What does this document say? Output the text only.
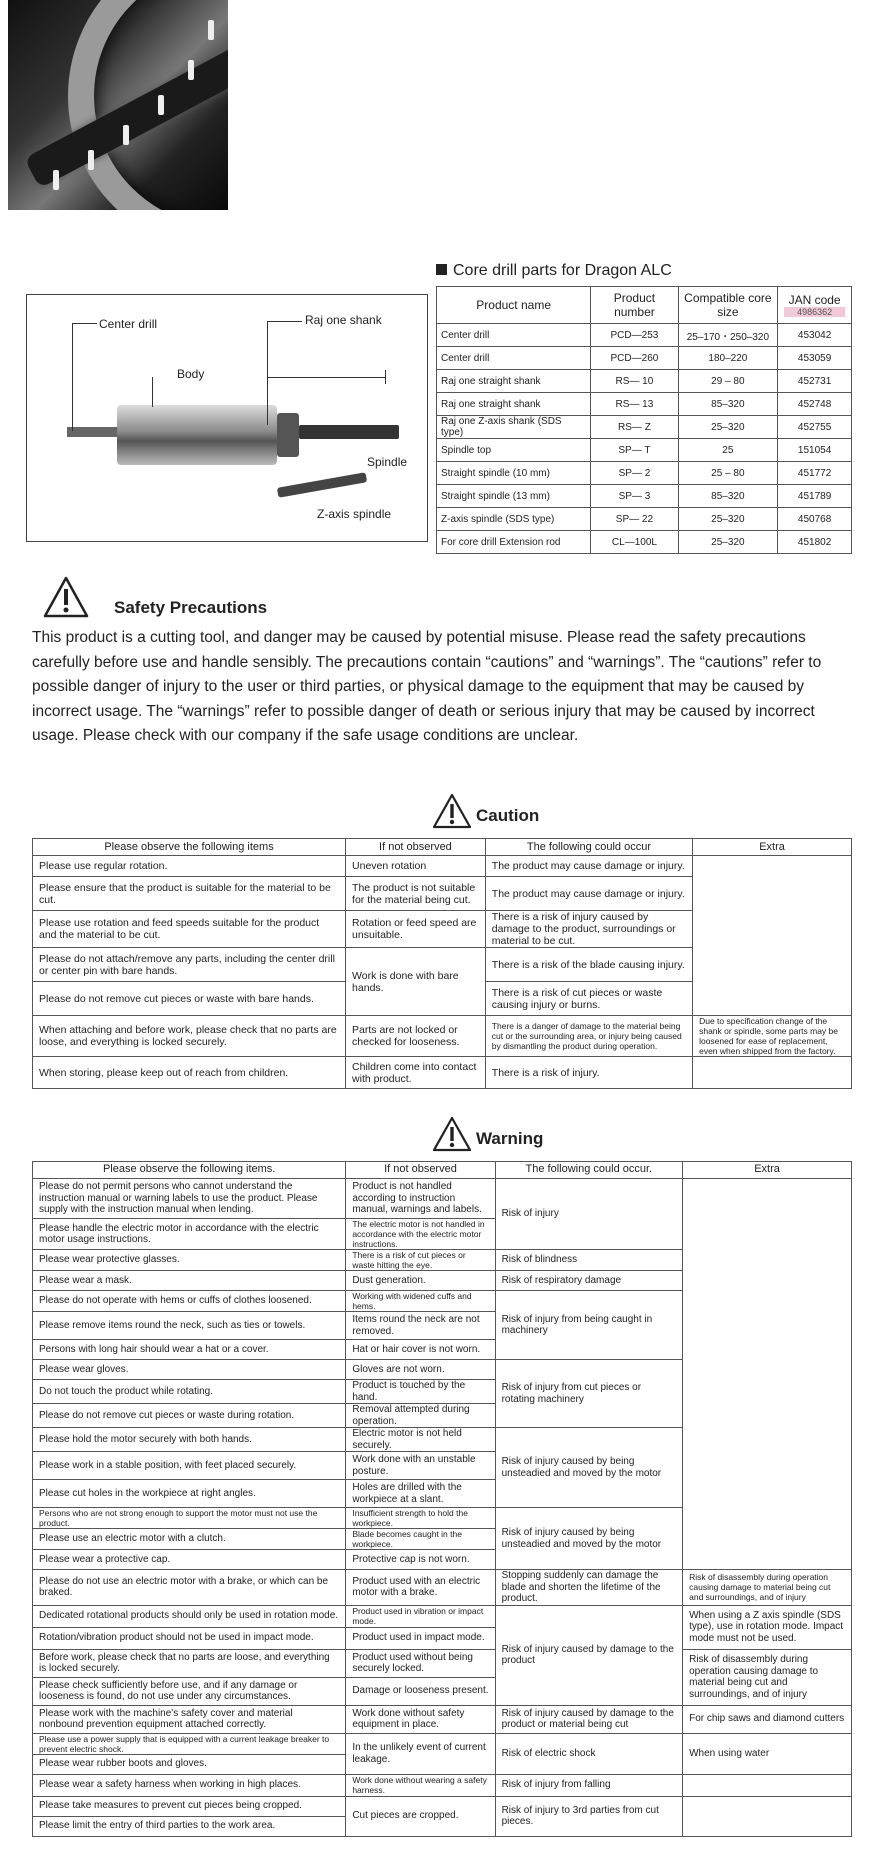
Center drill
Body
Raj one shank
Spindle
Z-axis spindle
Core drill parts for Dragon ALC
Product name	Product number	Compatible core size	JAN code
4986362

Center drill	PCD—253	25–170・250–320	453042
Center drill	PCD—260	180–220	453059
Raj one straight shank	RS— 10	29 – 80	452731
Raj one straight shank	RS— 13	85–320	452748
Raj one Z-axis shank (SDS type)	RS— Z	25–320	452755
Spindle top	SP— T	25	151054
Straight spindle (10 mm)	SP— 2	25 – 80	451772
Straight spindle (13 mm)	SP— 3	85–320	451789
Z-axis spindle (SDS type)	SP— 22	25–320	450768
For core drill Extension rod	CL—100L	25–320	451802
Safety Precautions
This product is a cutting tool, and danger may be caused by potential misuse. Please read the safety precautions carefully before use and handle sensibly. The precautions contain “cautions” and “warnings”. The “cautions” refer to possible danger of injury to the user or third parties, or physical damage to the equipment that may be caused by incorrect usage. The “warnings” refer to possible danger of death or serious injury that may be caused by incorrect usage. Please check with our company if the safe usage conditions are unclear.
Caution
Please observe the following items	If not observed	The following could occur	Extra
Please use regular rotation.	Uneven rotation	The product may cause damage or injury.	
Please ensure that the product is suitable for the material to be cut.	The product is not suitable for the material being cut.	The product may cause damage or injury.	
Please use rotation and feed speeds suitable for the product and the material to be cut.	Rotation or feed speed are unsuitable.	There is a risk of injury caused by damage to the product, surroundings or material to be cut.	
Please do not attach/remove any parts, including the center drill or center pin with bare hands.	Work is done with bare hands.	There is a risk of the blade causing injury.	
Please do not remove cut pieces or waste with bare hands.		There is a risk of cut pieces or waste causing injury or burns.	
When attaching and before work, please check that no parts are loose, and everything is locked securely.	Parts are not locked or checked for looseness.	There is a danger of damage to the material being cut or the surrounding area, or injury being caused by dismantling the product during operation.	Due to specification change of the shank or spindle, some parts may be loosened for ease of replacement, even when shipped from the factory.
When storing, please keep out of reach from children.	Children come into contact with product.	There is a risk of injury.	
Warning
Please observe the following items.	If not observed	The following could occur.	Extra
Please do not permit persons who cannot understand the instruction manual or warning labels to use the product. Please supply with the instruction manual when lending.	Product is not handled according to instruction manual, warnings and labels.	Risk of injury	
Please handle the electric motor in accordance with the electric motor usage instructions.	The electric motor is not handled in accordance with the electric motor instructions.		
Please wear protective glasses.	There is a risk of cut pieces or waste hitting the eye.	Risk of blindness	
Please wear a mask.	Dust generation.	Risk of respiratory damage	
Please do not operate with hems or cuffs of clothes loosened.	Working with widened cuffs and hems.	Risk of injury from being caught in machinery	
Please remove items round the neck, such as ties or towels.	Items round the neck are not removed.		
Persons with long hair should wear a hat or a cover.	Hat or hair cover is not worn.		
Please wear gloves.	Gloves are not worn.	Risk of injury from cut pieces or rotating machinery	
Do not touch the product while rotating.	Product is touched by the hand.		
Please do not remove cut pieces or waste during rotation.	Removal attempted during operation.		
Please hold the motor securely with both hands.	Electric motor is not held securely.	Risk of injury caused by being unsteadied and moved by the motor	
Please work in a stable position, with feet placed securely.	Work done with an unstable posture.		
Please cut holes in the workpiece at right angles.	Holes are drilled with the workpiece at a slant.		
Persons who are not strong enough to support the motor must not use the product.	Insufficient strength to hold the workpiece.	Risk of injury caused by being unsteadied and moved by the motor	
Please use an electric motor with a clutch.	Blade becomes caught in the workpiece.		
Please wear a protective cap.	Protective cap is not worn.		
Please do not use an electric motor with a brake, or which can be braked.	Product used with an electric motor with a brake.	Stopping suddenly can damage the blade and shorten the lifetime of the product.	Risk of disassembly during operation causing damage to material being cut and surroundings, and of injury
Dedicated rotational products should only be used in rotation mode.	Product used in vibration or impact mode.	Risk of injury caused by damage to the product	When using a Z axis spindle (SDS type), use in rotation mode. Impact mode must not be used.
Rotation/vibration product should not be used in impact mode.	Product used in impact mode.		
Before work, please check that no parts are loose, and everything is locked securely.	Product used without being securely locked.		Risk of disassembly during operation causing damage to material being cut and surroundings, and of injury
Please check sufficiently before use, and if any damage or looseness is found, do not use under any circumstances.	Damage or looseness present.		
Please work with the machine's safety cover and material nonbound prevention equipment attached correctly.	Work done without safety equipment in place.	Risk of injury caused by damage to the product or material being cut	For chip saws and diamond cutters
Please use a power supply that is equipped with a current leakage breaker to prevent electric shock.	In the unlikely event of current leakage.	Risk of electric shock	When using water
Please wear rubber boots and gloves.			
Please wear a safety harness when working in high places.	Work done without wearing a safety harness.	Risk of injury from falling	
Please take measures to prevent cut pieces being cropped.	Cut pieces are cropped.	Risk of injury to 3rd parties from cut pieces.	
Please limit the entry of third parties to the work area.			
